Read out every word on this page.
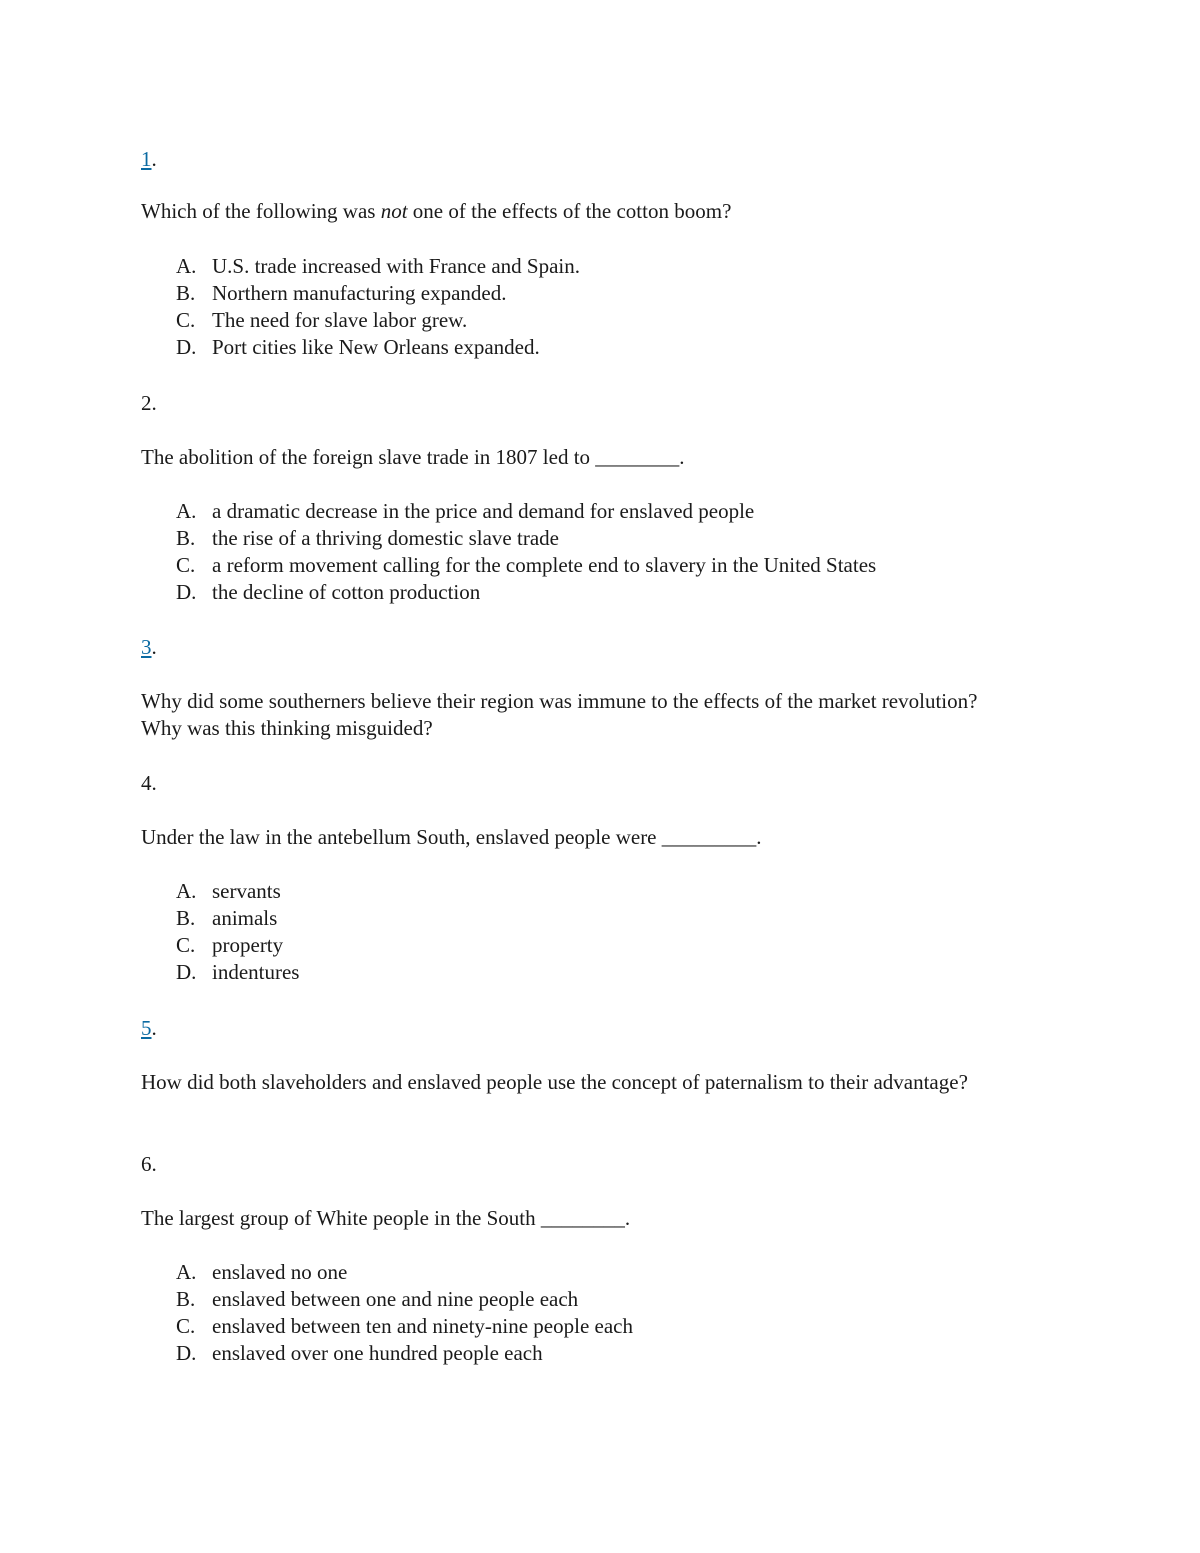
1.

Which of the following was not one of the effects of the cotton boom?

A. U.S. trade increased with France and Spain.
B. Northern manufacturing expanded.
C. The need for slave labor grew.
D. Port cities like New Orleans expanded.
2.

The abolition of the foreign slave trade in 1807 led to ________.

A. a dramatic decrease in the price and demand for enslaved people
B. the rise of a thriving domestic slave trade
C. a reform movement calling for the complete end to slavery in the United States
D. the decline of cotton production
3.

Why did some southerners believe their region was immune to the effects of the market revolution? Why was this thinking misguided?

4.

Under the law in the antebellum South, enslaved people were _________.

A. servants
B. animals
C. property
D. indentures
5.

How did both slaveholders and enslaved people use the concept of paternalism to their advantage?

6.

The largest group of White people in the South ________.

A. enslaved no one
B. enslaved between one and nine people each
C. enslaved between ten and ninety-nine people each
D. enslaved over one hundred people each
